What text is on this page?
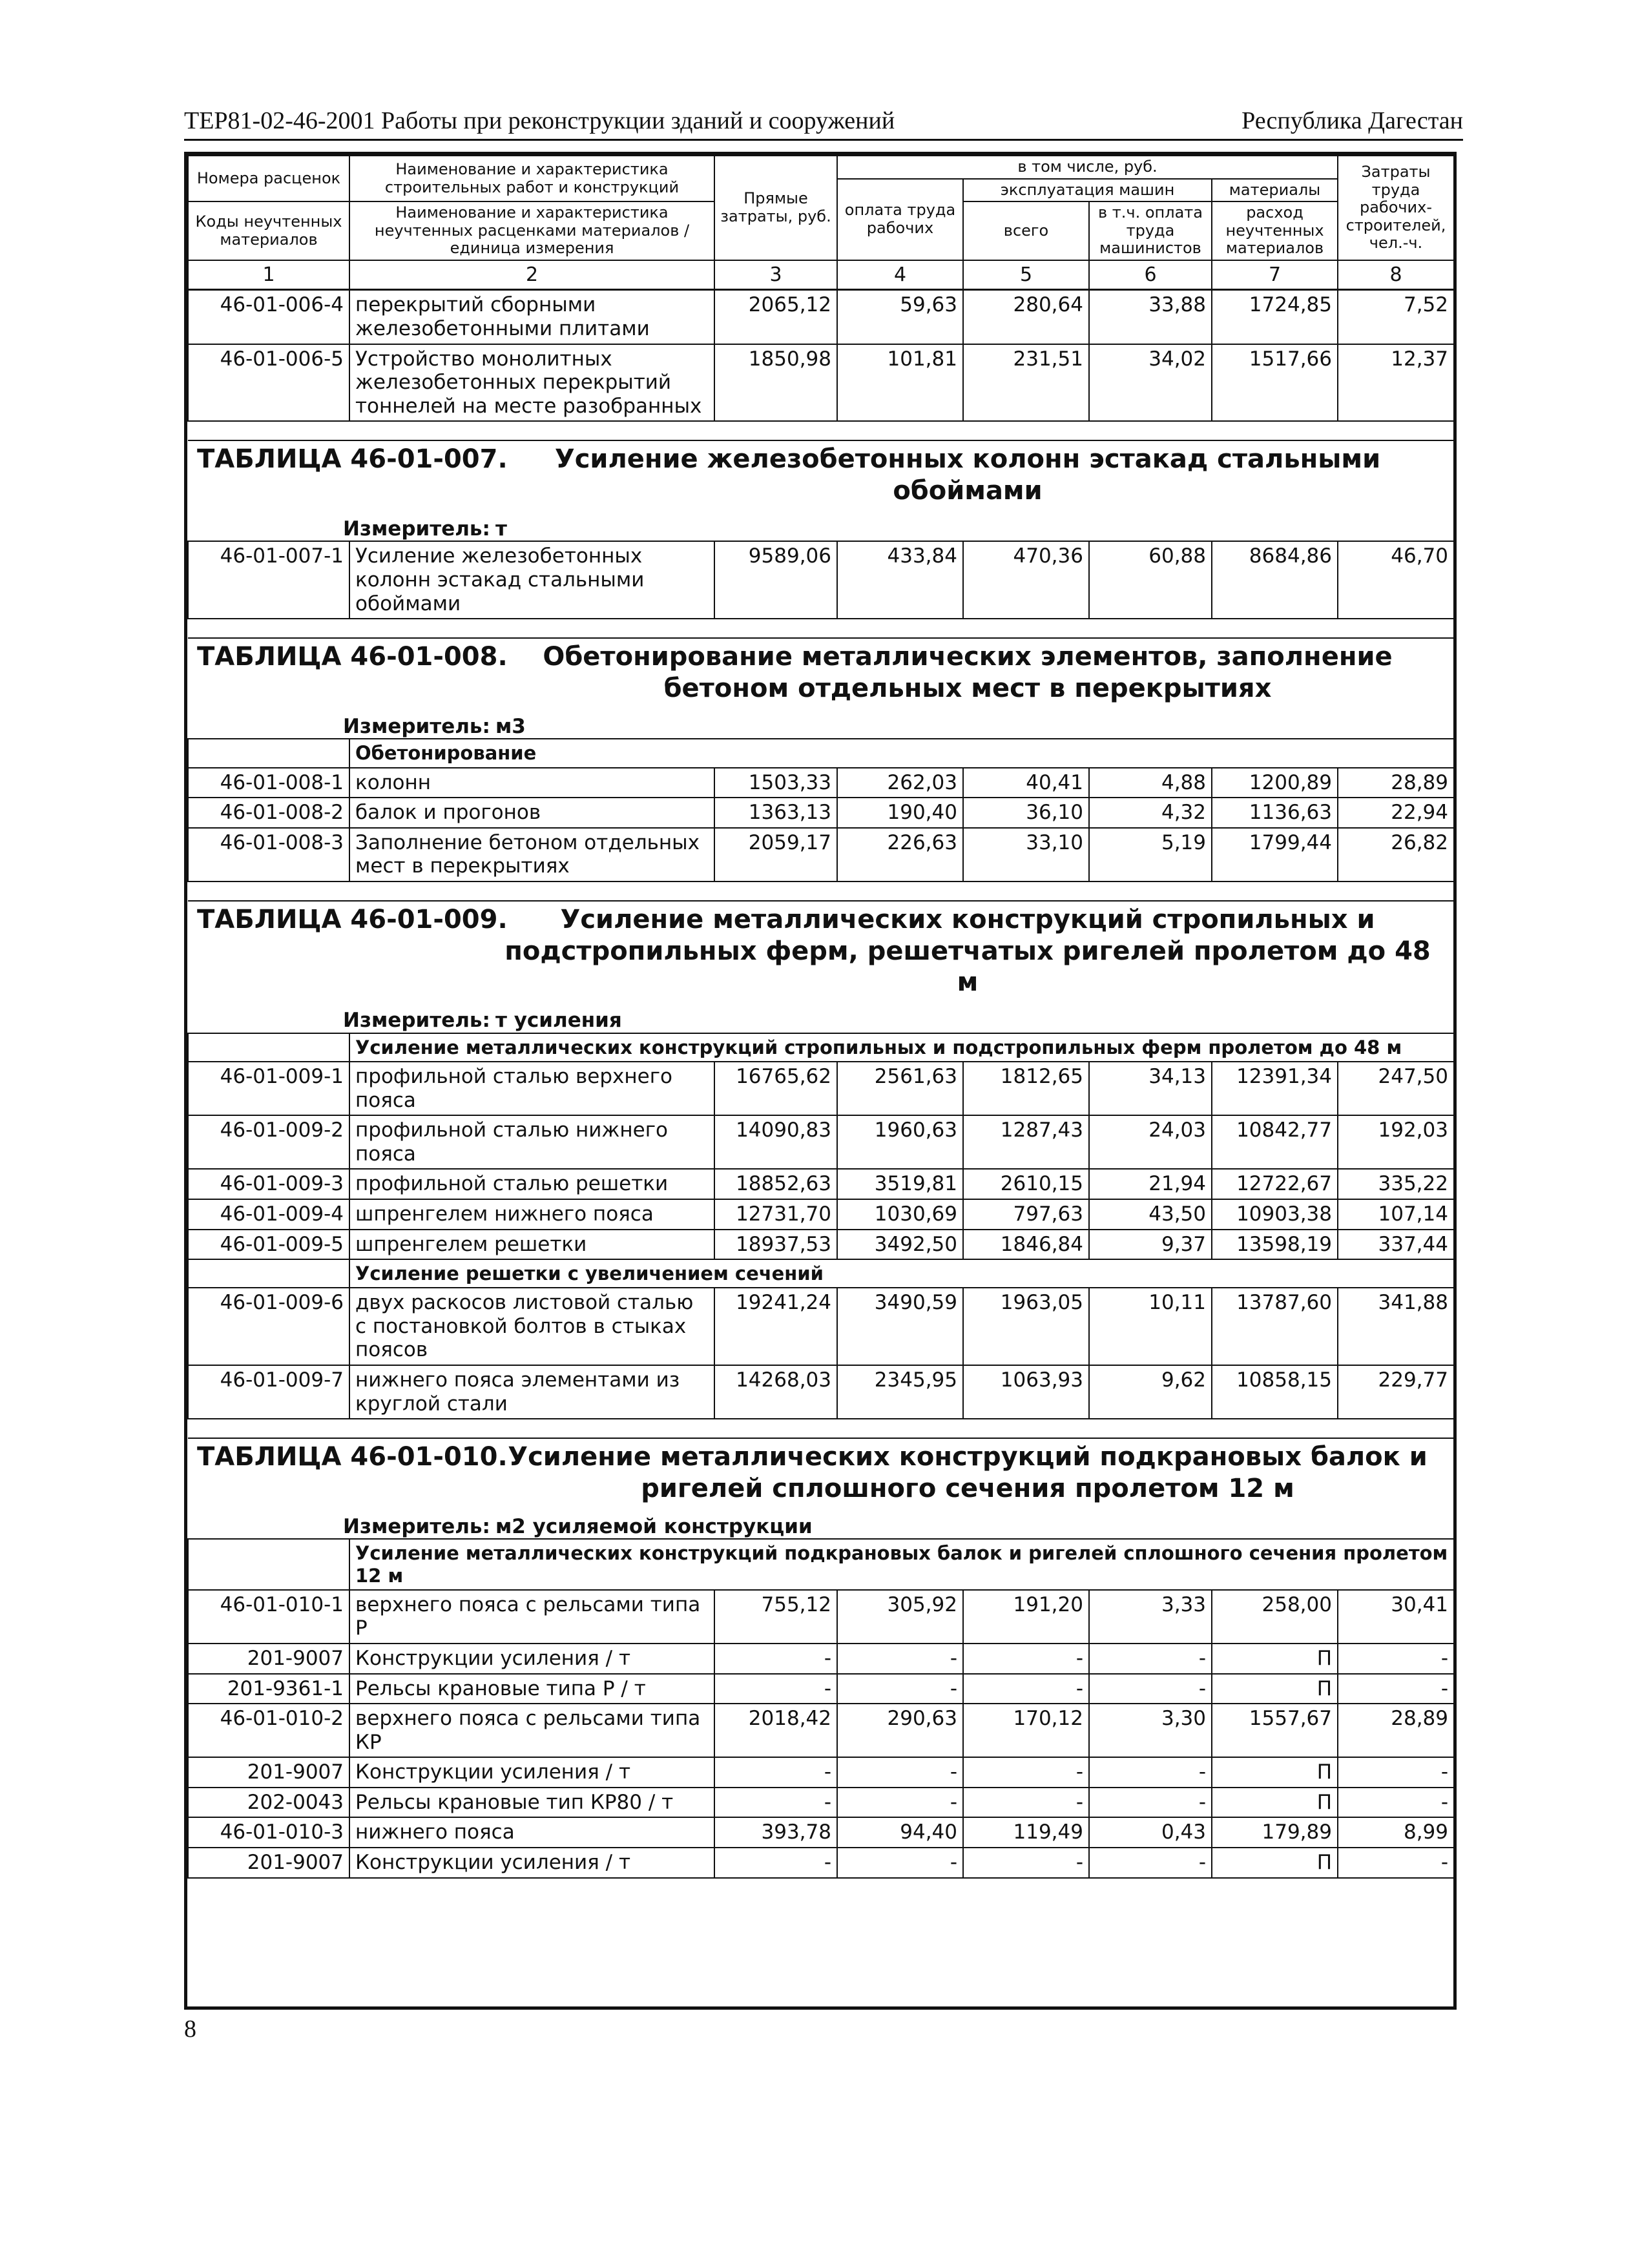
ТЕР81-02-46-2001 Работы при реконструкции зданий и сооружений	Республика Дагестан
Номера расценок	Наименование и характеристика строительных работ и конструкций	Прямые затраты, руб.	в том числе, руб.				Затраты труда рабочих-строителей, чел.-ч.
			оплата труда рабочих	эксплуатация машин		материалы	
Коды неучтенных материалов	Наименование и характеристика неучтенных расценками материалов / единица измерения			всего	в т.ч. оплата труда машинистов	расход неучтенных материалов	

1	2	3	4	5	6	7	8
46-01-006-4	перекрытий сборными железобетонными плитами	2065,12	59,63	280,64	33,88	1724,85	7,52
46-01-006-5	Устройство монолитных железобетонных перекрытий тоннелей на месте разобранных	1850,98	101,81	231,51	34,02	1517,66	12,37

ТАБЛИЦА 46-01-007. Усиление железобетонных колонн эстакад стальными обоймами
Измеритель: т							

46-01-007-1	Усиление железобетонных колонн эстакад стальными обоймами	9589,06	433,84	470,36	60,88	8684,86	46,70

ТАБЛИЦА 46-01-008. Обетонирование металлических элементов, заполнение бетоном отдельных мест в перекрытиях
Измеритель: м3							

	Обетонирование						
46-01-008-1	колонн	1503,33	262,03	40,41	4,88	1200,89	28,89
46-01-008-2	балок и прогонов	1363,13	190,40	36,10	4,32	1136,63	22,94
46-01-008-3	Заполнение бетоном отдельных мест в перекрытиях	2059,17	226,63	33,10	5,19	1799,44	26,82

ТАБЛИЦА 46-01-009. Усиление металлических конструкций стропильных и подстропильных ферм, решетчатых ригелей пролетом до 48 м
Измеритель: т усиления							

	Усиление металлических конструкций стропильных и подстропильных ферм пролетом до 48 м						
46-01-009-1	профильной сталью верхнего пояса	16765,62	2561,63	1812,65	34,13	12391,34	247,50
46-01-009-2	профильной сталью нижнего пояса	14090,83	1960,63	1287,43	24,03	10842,77	192,03
46-01-009-3	профильной сталью решетки	18852,63	3519,81	2610,15	21,94	12722,67	335,22
46-01-009-4	шпренгелем нижнего пояса	12731,70	1030,69	797,63	43,50	10903,38	107,14
46-01-009-5	шпренгелем решетки	18937,53	3492,50	1846,84	9,37	13598,19	337,44
	Усиление решетки с увеличением сечений						
46-01-009-6	двух раскосов листовой сталью с постановкой болтов в стыках поясов	19241,24	3490,59	1963,05	10,11	13787,60	341,88
46-01-009-7	нижнего пояса элементами из круглой стали	14268,03	2345,95	1063,93	9,62	10858,15	229,77

ТАБЛИЦА 46-01-010. Усиление металлических конструкций подкрановых балок и ригелей сплошного сечения пролетом 12 м
Измеритель: м2 усиляемой конструкции							

	Усиление металлических конструкций подкрановых балок и ригелей сплошного сечения пролетом 12 м						
46-01-010-1	верхнего пояса с рельсами типа Р	755,12	305,92	191,20	3,33	258,00	30,41
201-9007	Конструкции усиления / т	-	-	-	-	П	-
201-9361-1	Рельсы крановые типа Р / т	-	-	-	-	П	-
46-01-010-2	верхнего пояса с рельсами типа КР	2018,42	290,63	170,12	3,30	1557,67	28,89
201-9007	Конструкции усиления / т	-	-	-	-	П	-
202-0043	Рельсы крановые тип КР80 / т	-	-	-	-	П	-
46-01-010-3	нижнего пояса	393,78	94,40	119,49	0,43	179,89	8,99
201-9007	Конструкции усиления / т	-	-	-	-	П	-
8
